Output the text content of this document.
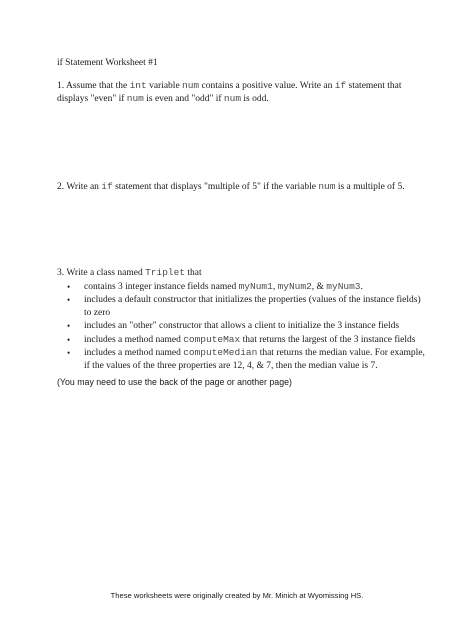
if Statement Worksheet #1
1. Assume that the int variable num contains a positive value. Write an if statement that displays "even" if num is even and "odd" if num is odd.
2. Write an if statement that displays "multiple of 5" if the variable num is a multiple of 5.
3. Write a class named Triplet that
• contains 3 integer instance fields named myNum1, myNum2, & myNum3.
• includes a default constructor that initializes the properties (values of the instance fields) to zero
• includes an "other" constructor that allows a client to initialize the 3 instance fields
• includes a method named computeMax that returns the largest of the 3 instance fields
• includes a method named computeMedian that returns the median value. For example, if the values of the three properties are 12, 4, & 7, then the median value is 7.
(You may need to use the back of the page or another page)
These worksheets were originally created by Mr. Minich at Wyomissing HS.
